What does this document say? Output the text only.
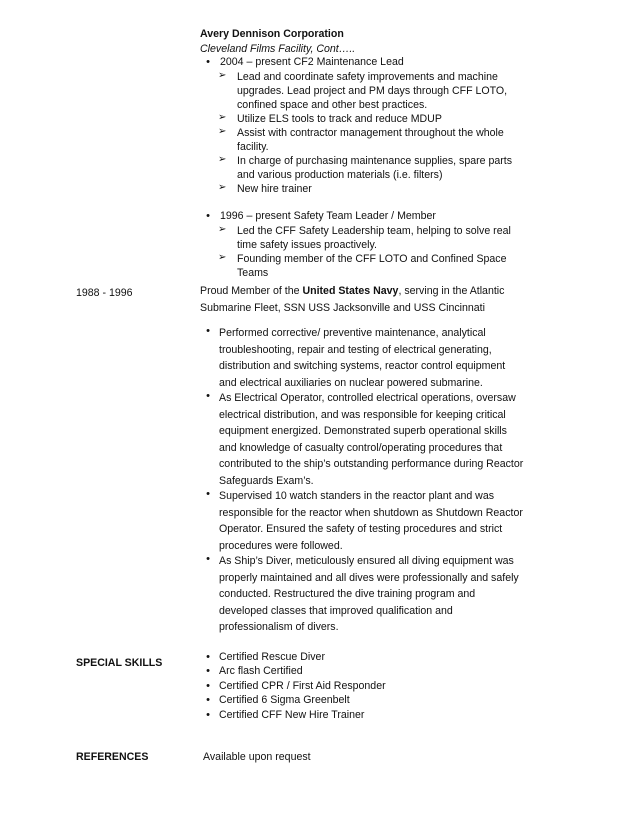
Avery Dennison Corporation
Cleveland Films Facility, Cont…..
• 2004 – present CF2 Maintenance Lead
➢ Lead and coordinate safety improvements and machine upgrades. Lead project and PM days through CFF LOTO, confined space and other best practices.
➢ Utilize ELS tools to track and reduce MDUP
➢ Assist with contractor management throughout the whole facility.
➢ In charge of purchasing maintenance supplies, spare parts and various production materials (i.e. filters)
➢ New hire trainer
• 1996 – present Safety Team Leader / Member
➢ Led the CFF Safety Leadership team, helping to solve real time safety issues proactively.
➢ Founding member of the CFF LOTO and Confined Space Teams
1988 - 1996	Proud Member of the United States Navy, serving in the Atlantic Submarine Fleet, SSN USS Jacksonville and USS Cincinnati
• Performed corrective/ preventive maintenance, analytical troubleshooting, repair and testing of electrical generating, distribution and switching systems, reactor control equipment and electrical auxiliaries on nuclear powered submarine.
• As Electrical Operator, controlled electrical operations, oversaw electrical distribution, and was responsible for keeping critical equipment energized. Demonstrated superb operational skills and knowledge of casualty control/operating procedures that contributed to the ship’s outstanding performance during Reactor Safeguards Exam’s.
• Supervised 10 watch standers in the reactor plant and was responsible for the reactor when shutdown as Shutdown Reactor Operator. Ensured the safety of testing procedures and strict procedures were followed.
• As Ship’s Diver, meticulously ensured all diving equipment was properly maintained and all dives were professionally and safely conducted. Restructured the dive training program and developed classes that improved qualification and professionalism of divers.
SPECIAL SKILLS	• Certified Rescue Diver
• Arc flash Certified
• Certified CPR / First Aid Responder
• Certified 6 Sigma Greenbelt
• Certified CFF New Hire Trainer
REFERENCES	Available upon request
